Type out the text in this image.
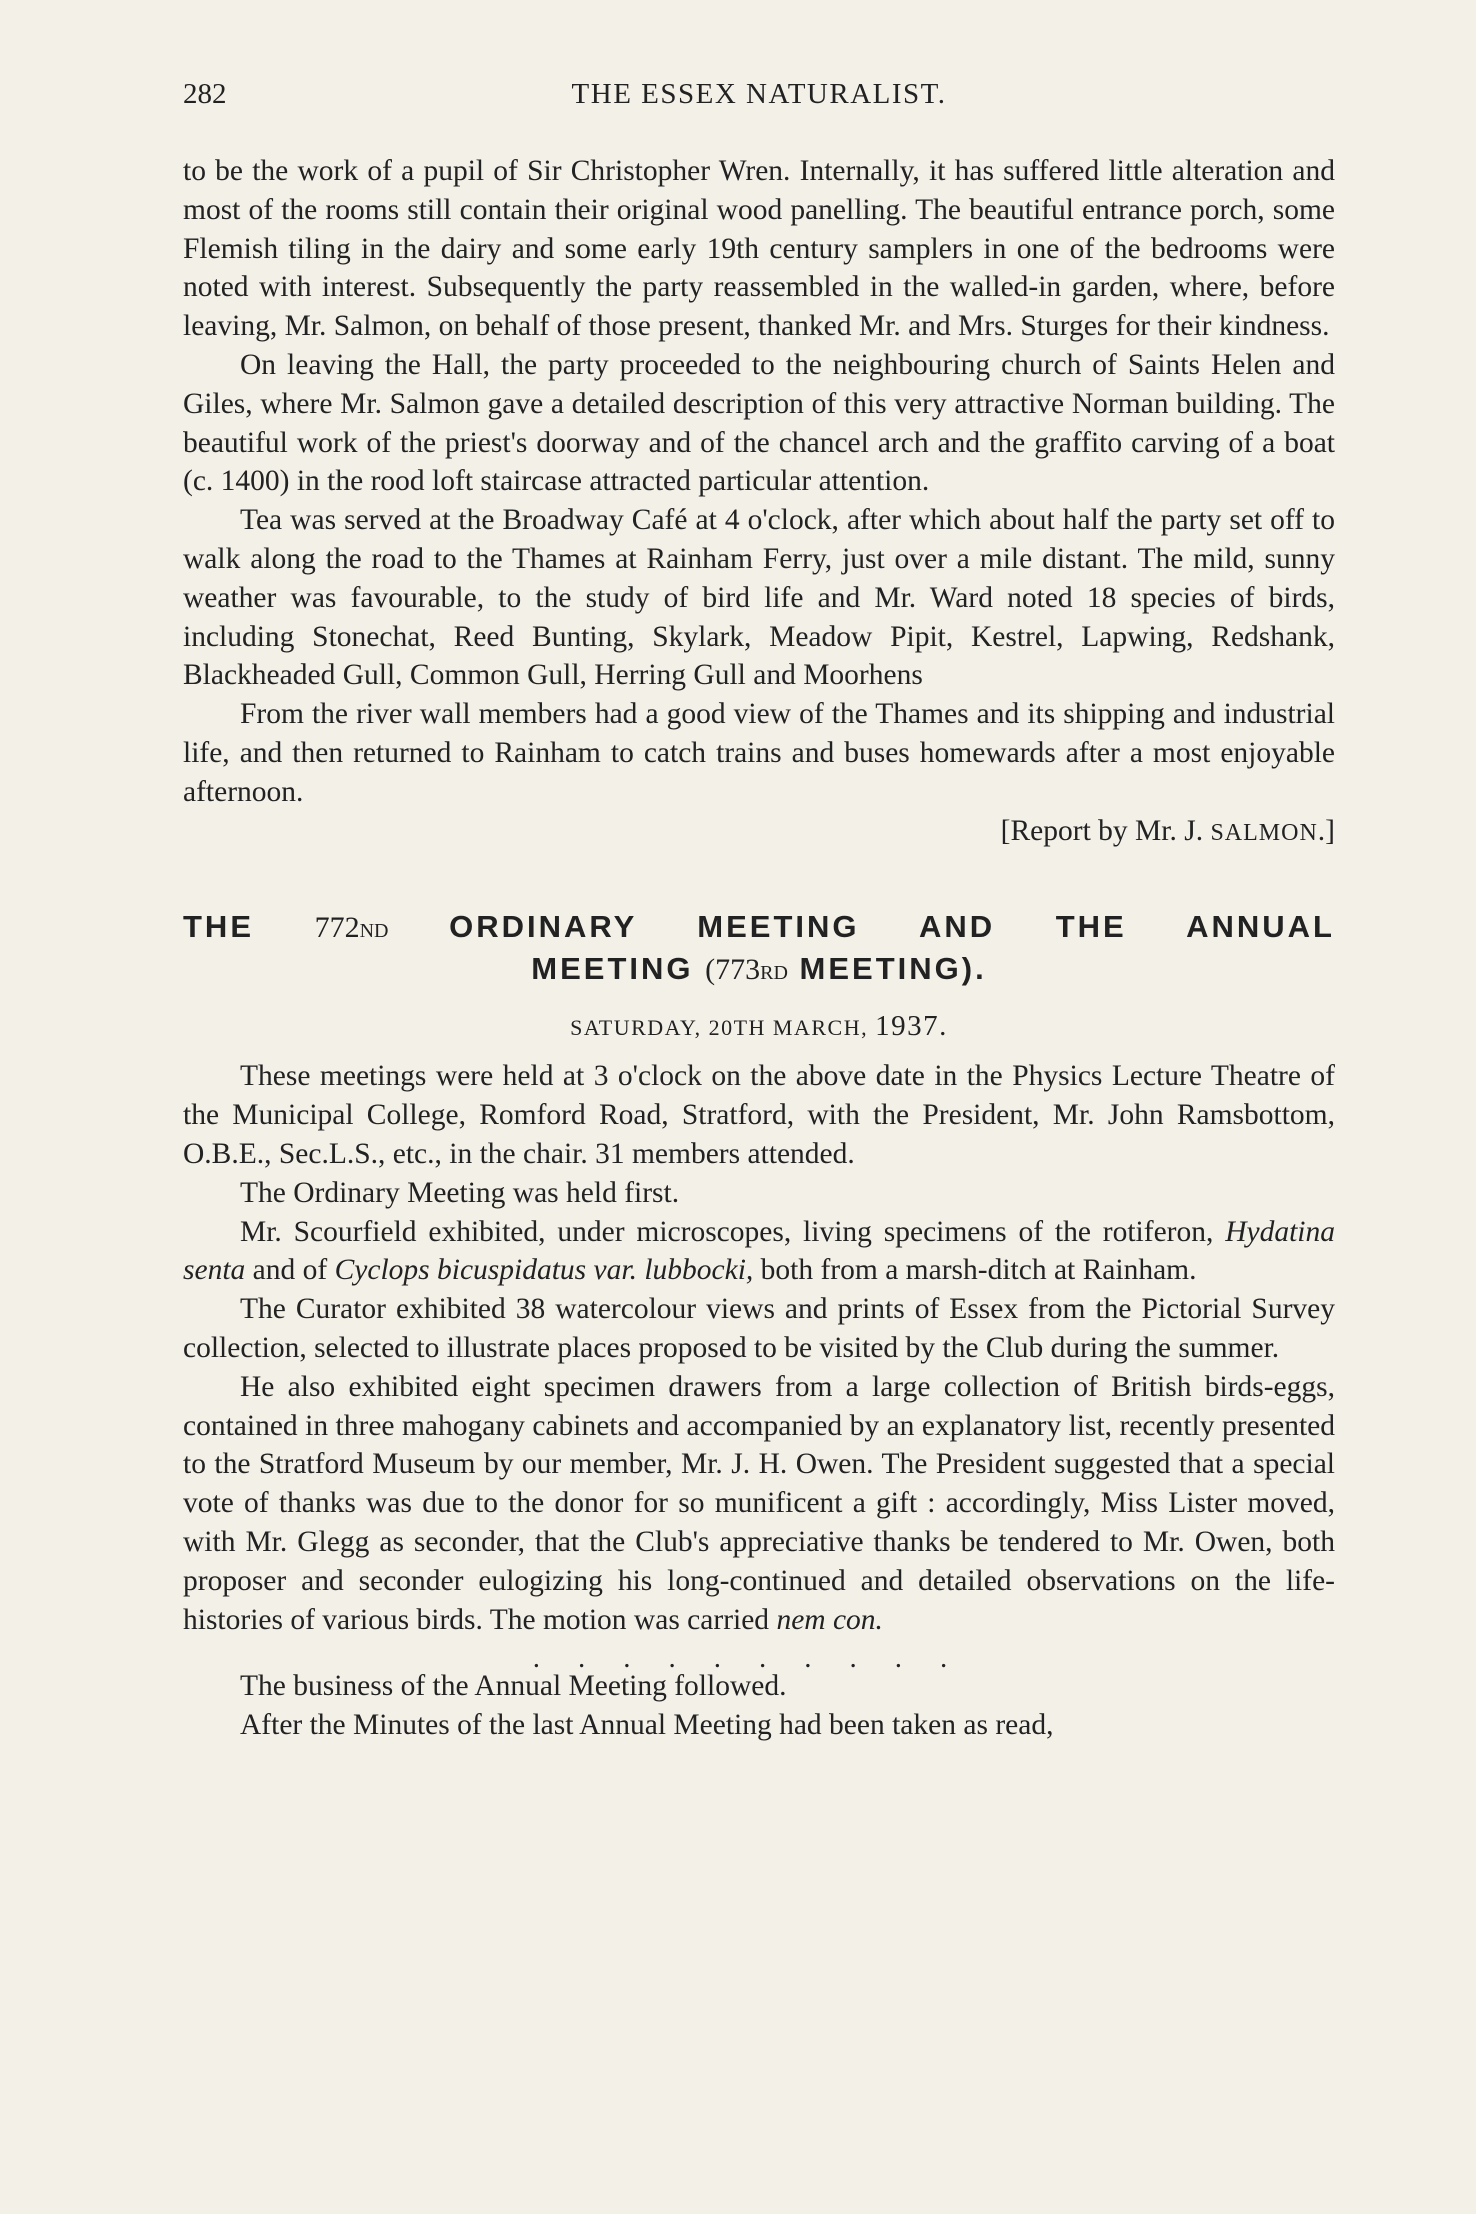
282	THE ESSEX NATURALIST.

to be the work of a pupil of Sir Christopher Wren. Internally, it has suffered little alteration and most of the rooms still contain their original wood panelling. The beautiful entrance porch, some Flemish tiling in the dairy and some early 19th century samplers in one of the bedrooms were noted with interest. Subsequently the party reassembled in the walled-in garden, where, before leaving, Mr. Salmon, on behalf of those present, thanked Mr. and Mrs. Sturges for their kindness.

On leaving the Hall, the party proceeded to the neighbouring church of Saints Helen and Giles, where Mr. Salmon gave a detailed description of this very attractive Norman building. The beautiful work of the priest's doorway and of the chancel arch and the graffito carving of a boat (c. 1400) in the rood loft staircase attracted particular attention.

Tea was served at the Broadway Café at 4 o'clock, after which about half the party set off to walk along the road to the Thames at Rainham Ferry, just over a mile distant. The mild, sunny weather was favourable, to the study of bird life and Mr. Ward noted 18 species of birds, including Stonechat, Reed Bunting, Skylark, Meadow Pipit, Kestrel, Lapwing, Redshank, Blackheaded Gull, Common Gull, Herring Gull and Moorhens

From the river wall members had a good view of the Thames and its shipping and industrial life, and then returned to Rainham to catch trains and buses homewards after a most enjoyable afternoon.

[Report by Mr. J. SALMON.]
THE 772ND ORDINARY MEETING AND THE ANNUAL
MEETING (773RD MEETING).
SATURDAY, 20TH MARCH, 1937.

These meetings were held at 3 o'clock on the above date in the Physics Lecture Theatre of the Municipal College, Romford Road, Stratford, with the President, Mr. John Ramsbottom, O.B.E., Sec.L.S., etc., in the chair. 31 members attended.

The Ordinary Meeting was held first.

Mr. Scourfield exhibited, under microscopes, living specimens of the rotiferon, Hydatina senta and of Cyclops bicuspidatus var. lubbocki, both from a marsh-ditch at Rainham.

The Curator exhibited 38 watercolour views and prints of Essex from the Pictorial Survey collection, selected to illustrate places proposed to be visited by the Club during the summer.

He also exhibited eight specimen drawers from a large collection of British birds-eggs, contained in three mahogany cabinets and accompanied by an explanatory list, recently presented to the Stratford Museum by our member, Mr. J. H. Owen. The President suggested that a special vote of thanks was due to the donor for so munificent a gift : accordingly, Miss Lister moved, with Mr. Glegg as seconder, that the Club's appreciative thanks be tendered to Mr. Owen, both proposer and seconder eulogizing his long-continued and detailed observations on the life-histories of various birds. The motion was carried nem con.

..........

The business of the Annual Meeting followed.

After the Minutes of the last Annual Meeting had been taken as read,
